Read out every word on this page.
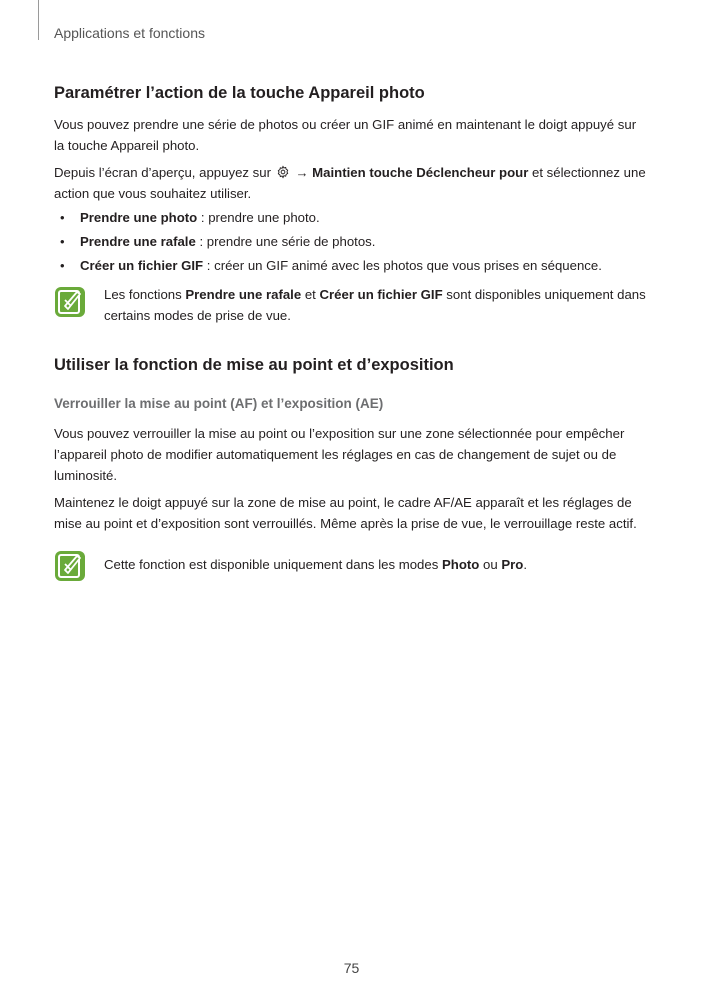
Applications et fonctions
Paramétrer l’action de la touche Appareil photo

Vous pouvez prendre une série de photos ou créer un GIF animé en maintenant le doigt appuyé sur la touche Appareil photo.

Depuis l’écran d’aperçu, appuyez sur  → Maintien touche Déclencheur pour et sélectionnez une action que vous souhaitez utiliser.

• Prendre une photo : prendre une photo.
• Prendre une rafale : prendre une série de photos.
• Créer un fichier GIF : créer un GIF animé avec les photos que vous prises en séquence.

Les fonctions Prendre une rafale et Créer un fichier GIF sont disponibles uniquement dans certains modes de prise de vue.

Utiliser la fonction de mise au point et d’exposition
Verrouiller la mise au point (AF) et l’exposition (AE)

Vous pouvez verrouiller la mise au point ou l’exposition sur une zone sélectionnée pour empêcher l’appareil photo de modifier automatiquement les réglages en cas de changement de sujet ou de luminosité.

Maintenez le doigt appuyé sur la zone de mise au point, le cadre AF/AE apparaît et les réglages de mise au point et d’exposition sont verrouillés. Même après la prise de vue, le verrouillage reste actif.

Cette fonction est disponible uniquement dans les modes Photo ou Pro.

75
